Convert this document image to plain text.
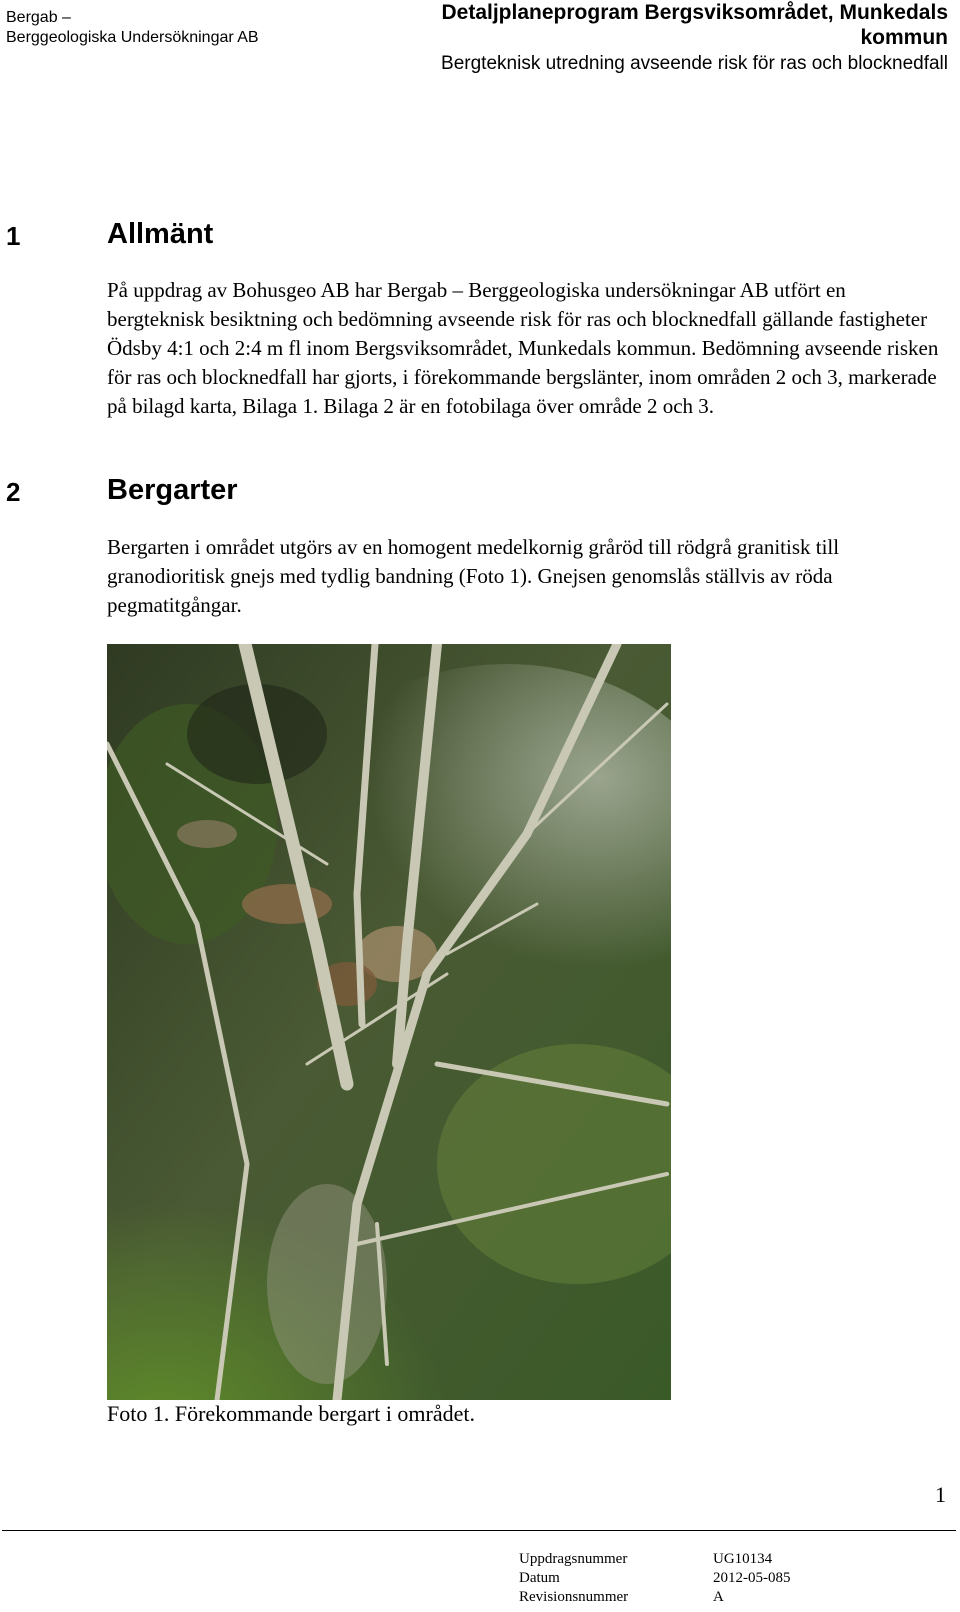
Bergab –
Berggeologiska Undersökningar AB
Detaljplaneprogram Bergsviksområdet, Munkedals
kommun
Bergteknisk utredning avseende risk för ras och blocknedfall
1	Allmänt

På uppdrag av Bohusgeo AB har Bergab – Berggeologiska undersökningar AB utfört en bergteknisk besiktning och bedömning avseende risk för ras och blocknedfall gällande fastigheter Ödsby 4:1 och 2:4 m fl inom Bergsviksområdet, Munkedals kommun. Bedömning avseende risken för ras och blocknedfall har gjorts, i förekommande bergslänter, inom områden 2 och 3, markerade på bilagd karta, Bilaga 1. Bilaga 2 är en fotobilaga över område 2 och 3.

2	Bergarter

Bergarten i området utgörs av en homogent medelkornig gråröd till rödgrå granitisk till granodioritisk gnejs med tydlig bandning (Foto 1). Gnejsen genomslås ställvis av röda pegmatitgångar.

Foto 1. Förekommande bergart i området.
1
Uppdragsnummer	UG10134
Datum	2012-05-085
Revisionsnummer	A
